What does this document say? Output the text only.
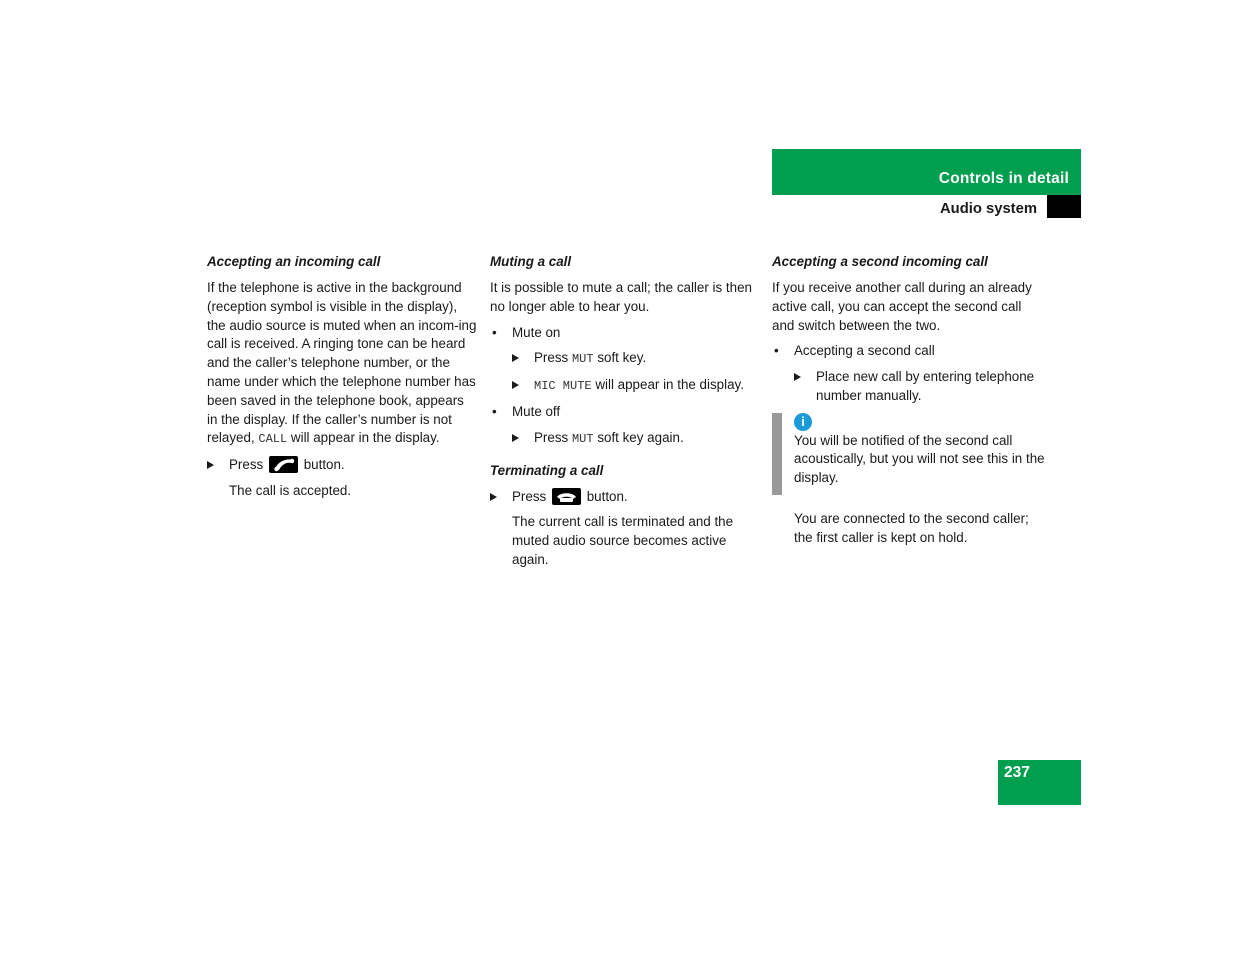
Controls in detail
Audio system
Accepting an incoming call

If the telephone is active in the background (reception symbol is visible in the display), the audio source is muted when an incom-ing call is received. A ringing tone can be heard and the caller’s telephone number, or the name under which the telephone number has been saved in the telephone book, appears in the display. If the caller’s number is not relayed, CALL will appear in the display.

Press	button.
The call is accepted.
Muting a call

It is possible to mute a call; the caller is then no longer able to hear you.

• Mute on
Press MUT soft key.
MIC MUTE will appear in the display.
• Mute off
Press MUT soft key again.
Terminating a call
Press	button.
The current call is terminated and the muted audio source becomes active again.
Accepting a second incoming call

If you receive another call during an already active call, you can accept the second call and switch between the two.

• Accepting a second call
Place new call by entering telephone number manually.
i
You will be notified of the second call acoustically, but you will not see this in the display.
You are connected to the second caller; the first caller is kept on hold.
237
